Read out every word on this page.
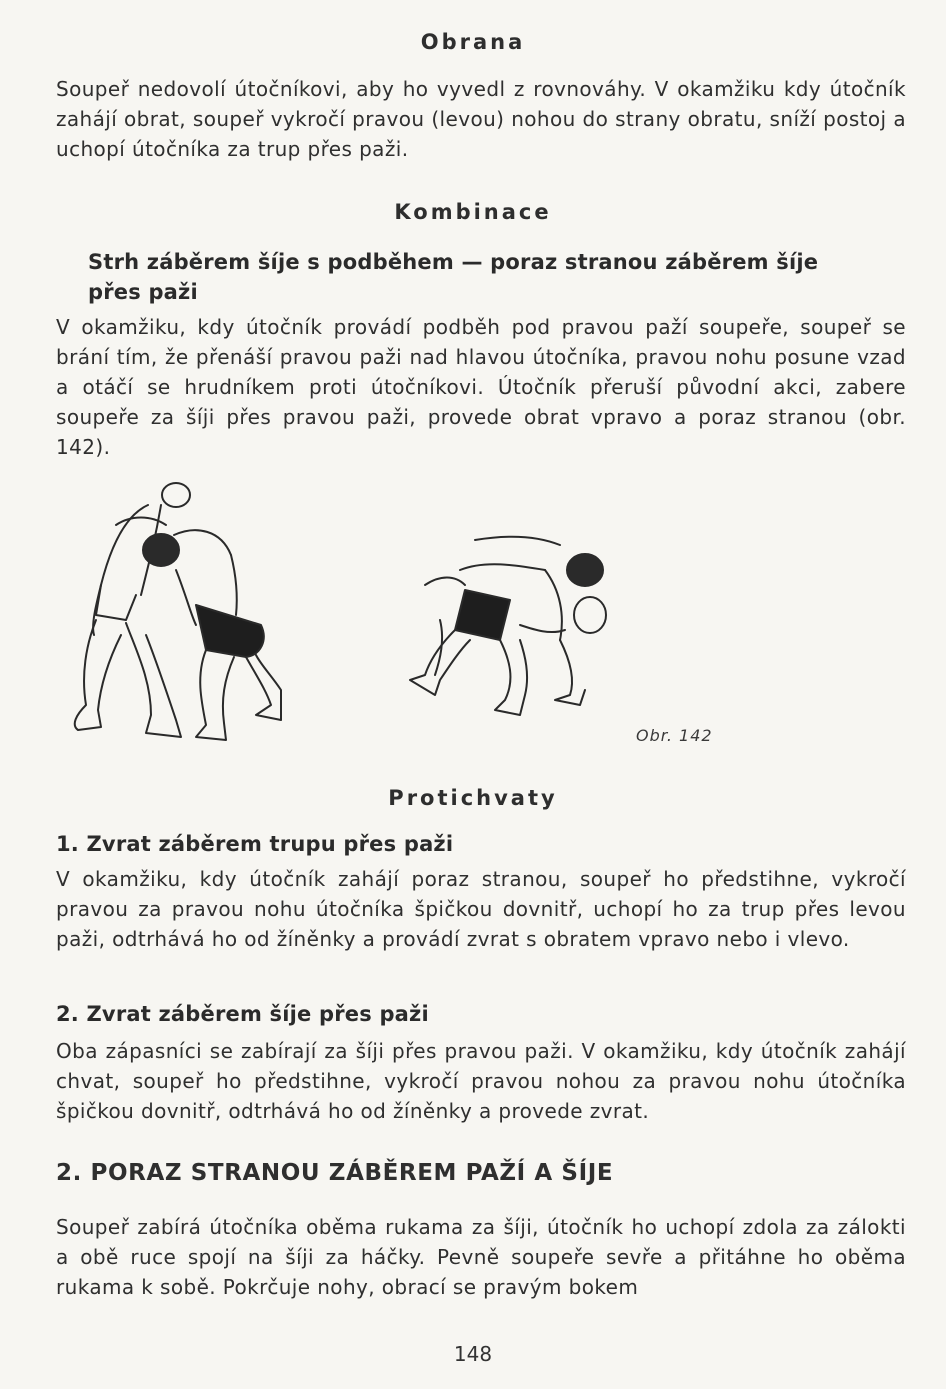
Obrana
Soupeř nedovolí útočníkovi, aby ho vyvedl z rovnováhy. V okamžiku kdy útočník zahájí obrat, soupeř vykročí pravou (levou) nohou do strany obratu, sníží postoj a uchopí útočníka za trup přes paži.
Kombinace
Strh záběrem šíje s podběhem — poraz stranou záběrem šíje
přes paži
V okamžiku, kdy útočník provádí podběh pod pravou paží soupeře, soupeř se brání tím, že přenáší pravou paži nad hlavou útočníka, pravou nohu posune vzad a otáčí se hrudníkem proti útočníkovi. Útočník přeruší původní akci, zabere soupeře za šíji přes pravou paži, provede obrat vpravo a poraz stranou (obr. 142).
Obr. 142
Protichvaty
1. Zvrat záběrem trupu přes paži
V okamžiku, kdy útočník zahájí poraz stranou, soupeř ho předstihne, vykročí pravou za pravou nohu útočníka špičkou dovnitř, uchopí ho za trup přes levou paži, odtrhává ho od žíněnky a provádí zvrat s obratem vpravo nebo i vlevo.
2. Zvrat záběrem šíje přes paži
Oba zápasníci se zabírají za šíji přes pravou paži. V okamžiku, kdy útočník zahájí chvat, soupeř ho předstihne, vykročí pravou nohou za pravou nohu útočníka špičkou dovnitř, odtrhává ho od žíněnky a provede zvrat.
2. PORAZ STRANOU ZÁBĚREM PAŽÍ A ŠÍJE
Soupeř zabírá útočníka oběma rukama za šíji, útočník ho uchopí zdola za zálokti a obě ruce spojí na šíji za háčky. Pevně soupeře sevře a přitáhne ho oběma rukama k sobě. Pokrčuje nohy, obrací se pravým bokem
148
